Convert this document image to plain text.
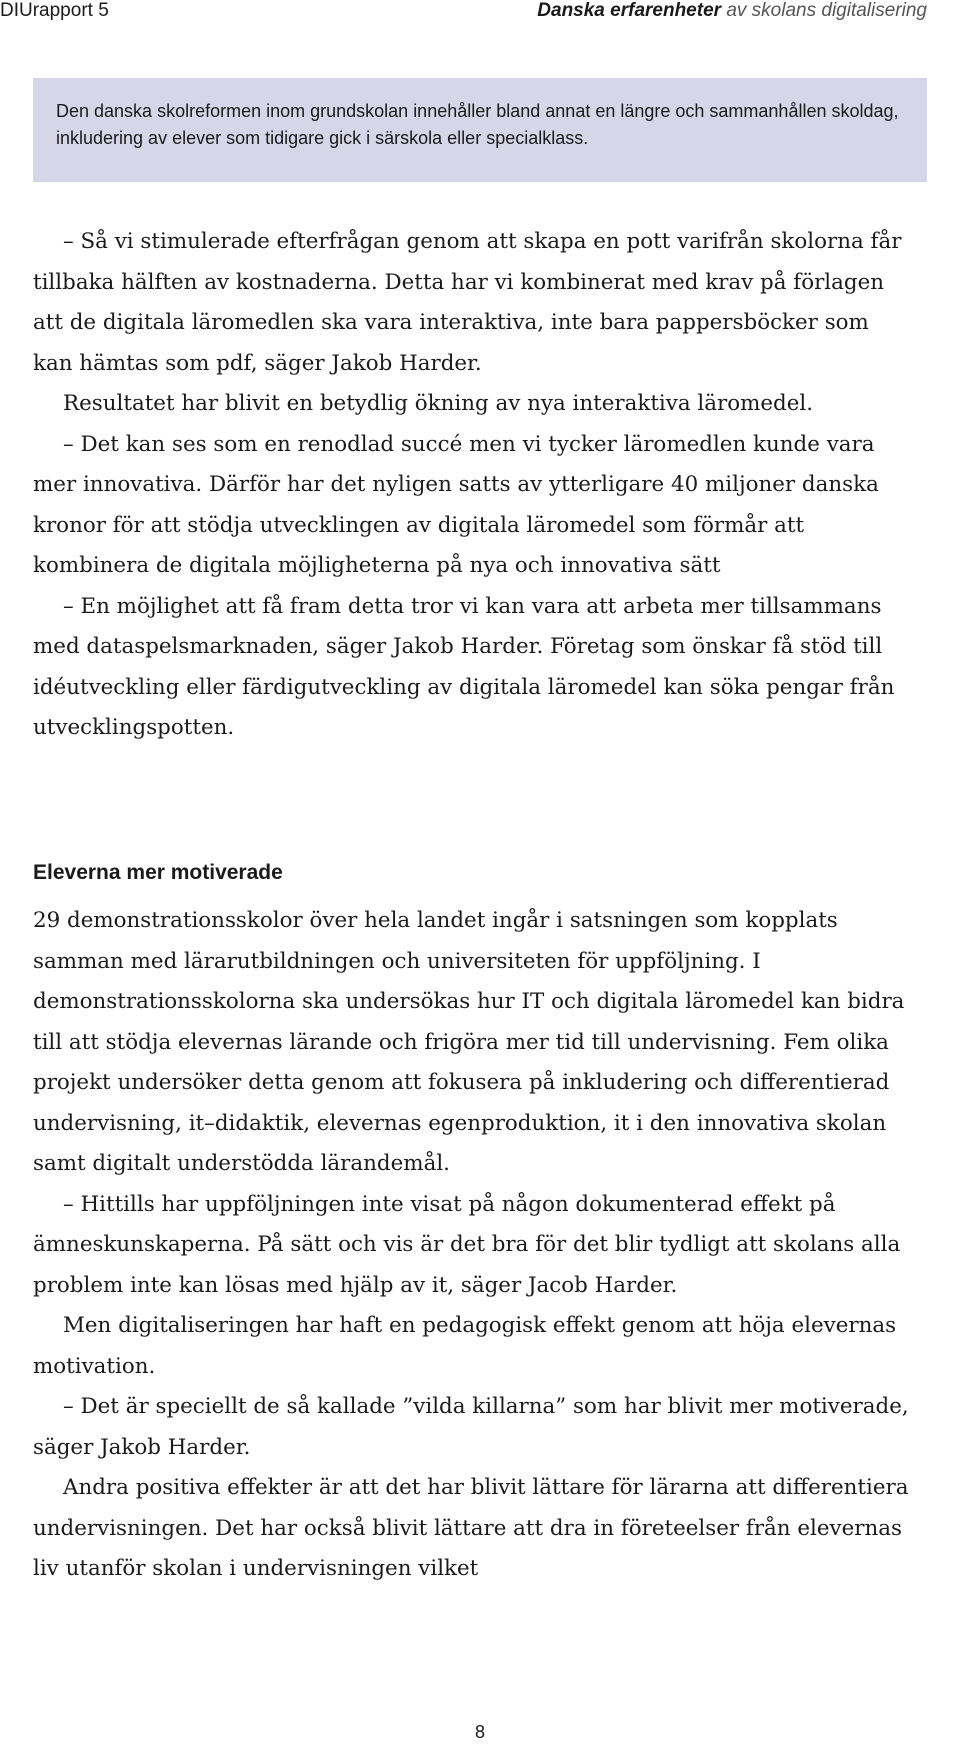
DIUrapport 5	Danska erfarenheter av skolans digitalisering

Den danska skolreformen inom grundskolan innehåller bland annat en längre och sammanhållen skoldag, inkludering av elever som tidigare gick i särskola eller specialklass.

– Så vi stimulerade efterfrågan genom att skapa en pott varifrån skolorna får tillbaka hälften av kostnaderna. Detta har vi kombinerat med krav på förlagen att de digitala läromedlen ska vara interaktiva, inte bara pappersböcker som kan hämtas som pdf, säger Jakob Harder.

Resultatet har blivit en betydlig ökning av nya interaktiva läromedel.

– Det kan ses som en renodlad succé men vi tycker läromedlen kunde vara mer innovativa. Därför har det nyligen satts av ytterligare 40 miljoner danska kronor för att stödja utvecklingen av digitala läromedel som förmår att kombinera de digitala möjligheterna på nya och innovativa sätt

– En möjlighet att få fram detta tror vi kan vara att arbeta mer tillsammans med dataspelsmarknaden, säger Jakob Harder. Företag som önskar få stöd till idéutveckling eller färdigutveckling av digitala läromedel kan söka pengar från utvecklingspotten.

Eleverna mer motiverade

29 demonstrationsskolor över hela landet ingår i satsningen som kopplats samman med lärarutbildningen och universiteten för uppföljning. I demonstrationsskolorna ska undersökas hur IT och digitala läromedel kan bidra till att stödja elevernas lärande och frigöra mer tid till undervisning. Fem olika projekt undersöker detta genom att fokusera på inkludering och differentierad undervisning, it–didaktik, elevernas egenproduktion, it i den innovativa skolan samt digitalt understödda lärandemål.

– Hittills har uppföljningen inte visat på någon dokumenterad effekt på ämneskunskaperna. På sätt och vis är det bra för det blir tydligt att skolans alla problem inte kan lösas med hjälp av it, säger Jacob Harder.

Men digitaliseringen har haft en pedagogisk effekt genom att höja elevernas motivation.

– Det är speciellt de så kallade ”vilda killarna” som har blivit mer motiverade, säger Jakob Harder.

Andra positiva effekter är att det har blivit lättare för lärarna att differentiera undervisningen. Det har också blivit lättare att dra in företeelser från elevernas liv utanför skolan i undervisningen vilket

8
